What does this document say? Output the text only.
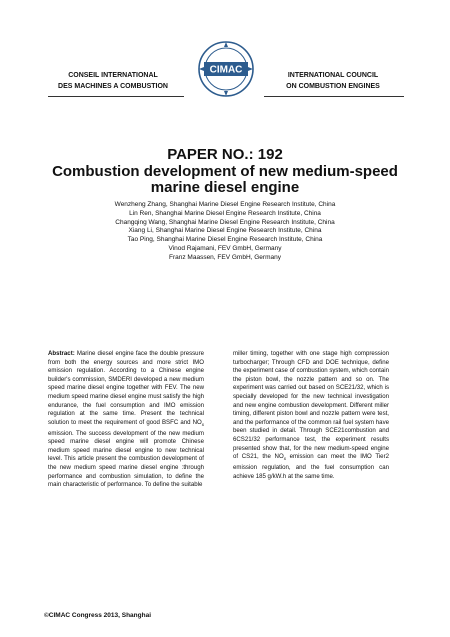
CONSEIL INTERNATIONAL
DES MACHINES A COMBUSTION
CIMAC	INTERNATIONAL COUNCIL
ON COMBUSTION ENGINES
PAPER NO.: 192
Combustion development of new medium-speed marine diesel engine
Wenzheng Zhang, Shanghai Marine Diesel Engine Research Institute, China
Lin Ren, Shanghai Marine Diesel Engine Research Institute, China
Changqing Wang, Shanghai Marine Diesel Engine Research Institute, China
Xiang Li, Shanghai Marine Diesel Engine Research Institute, China
Tao Ping, Shanghai Marine Diesel Engine Research Institute, China
Vinod Rajamani, FEV GmbH, Germany
Franz Maassen, FEV GmbH, Germany
Abstract: Marine diesel engine face the double pressure from both the energy sources and more strict IMO emission regulation. According to a Chinese engine builder's commission, SMDERI developed a new medium speed marine diesel engine together with FEV. The new medium speed marine diesel engine must satisfy the high endurance, the fuel consumption and IMO emission regulation at the same time. Present the technical solution to meet the requirement of good BSFC and $NO_x$ emission. The success development of the new medium speed marine diesel engine will promote Chinese medium speed marine diesel engine to new technical level. This article present the combustion development of the new medium speed marine diesel engine :through performance and combustion simulation, to define the main characteristic of performance. To define the suitable
miller timing, together with one stage high compression turbocharger; Through CFD and DOE technique, define the experiment case of combustion system, which contain the piston bowl, the nozzle pattern and so on. The experiment was carried out based on SCE21/32, which is specially developed for the new technical investigation and new engine combustion development. Different miller timing, different piston bowl and nozzle pattern were test, and the performance of the common rail fuel system have been studied in detail. Through SCE21combustion and 6CS21/32 performance test, the experiment results presented show that, for the new medium-speed engine of CS21, the $NO_x$ emission can meet the IMO Tier2 emission regulation, and the fuel consumption can achieve 185 g/kW.h at the same time.
©CIMAC Congress 2013, Shanghai
